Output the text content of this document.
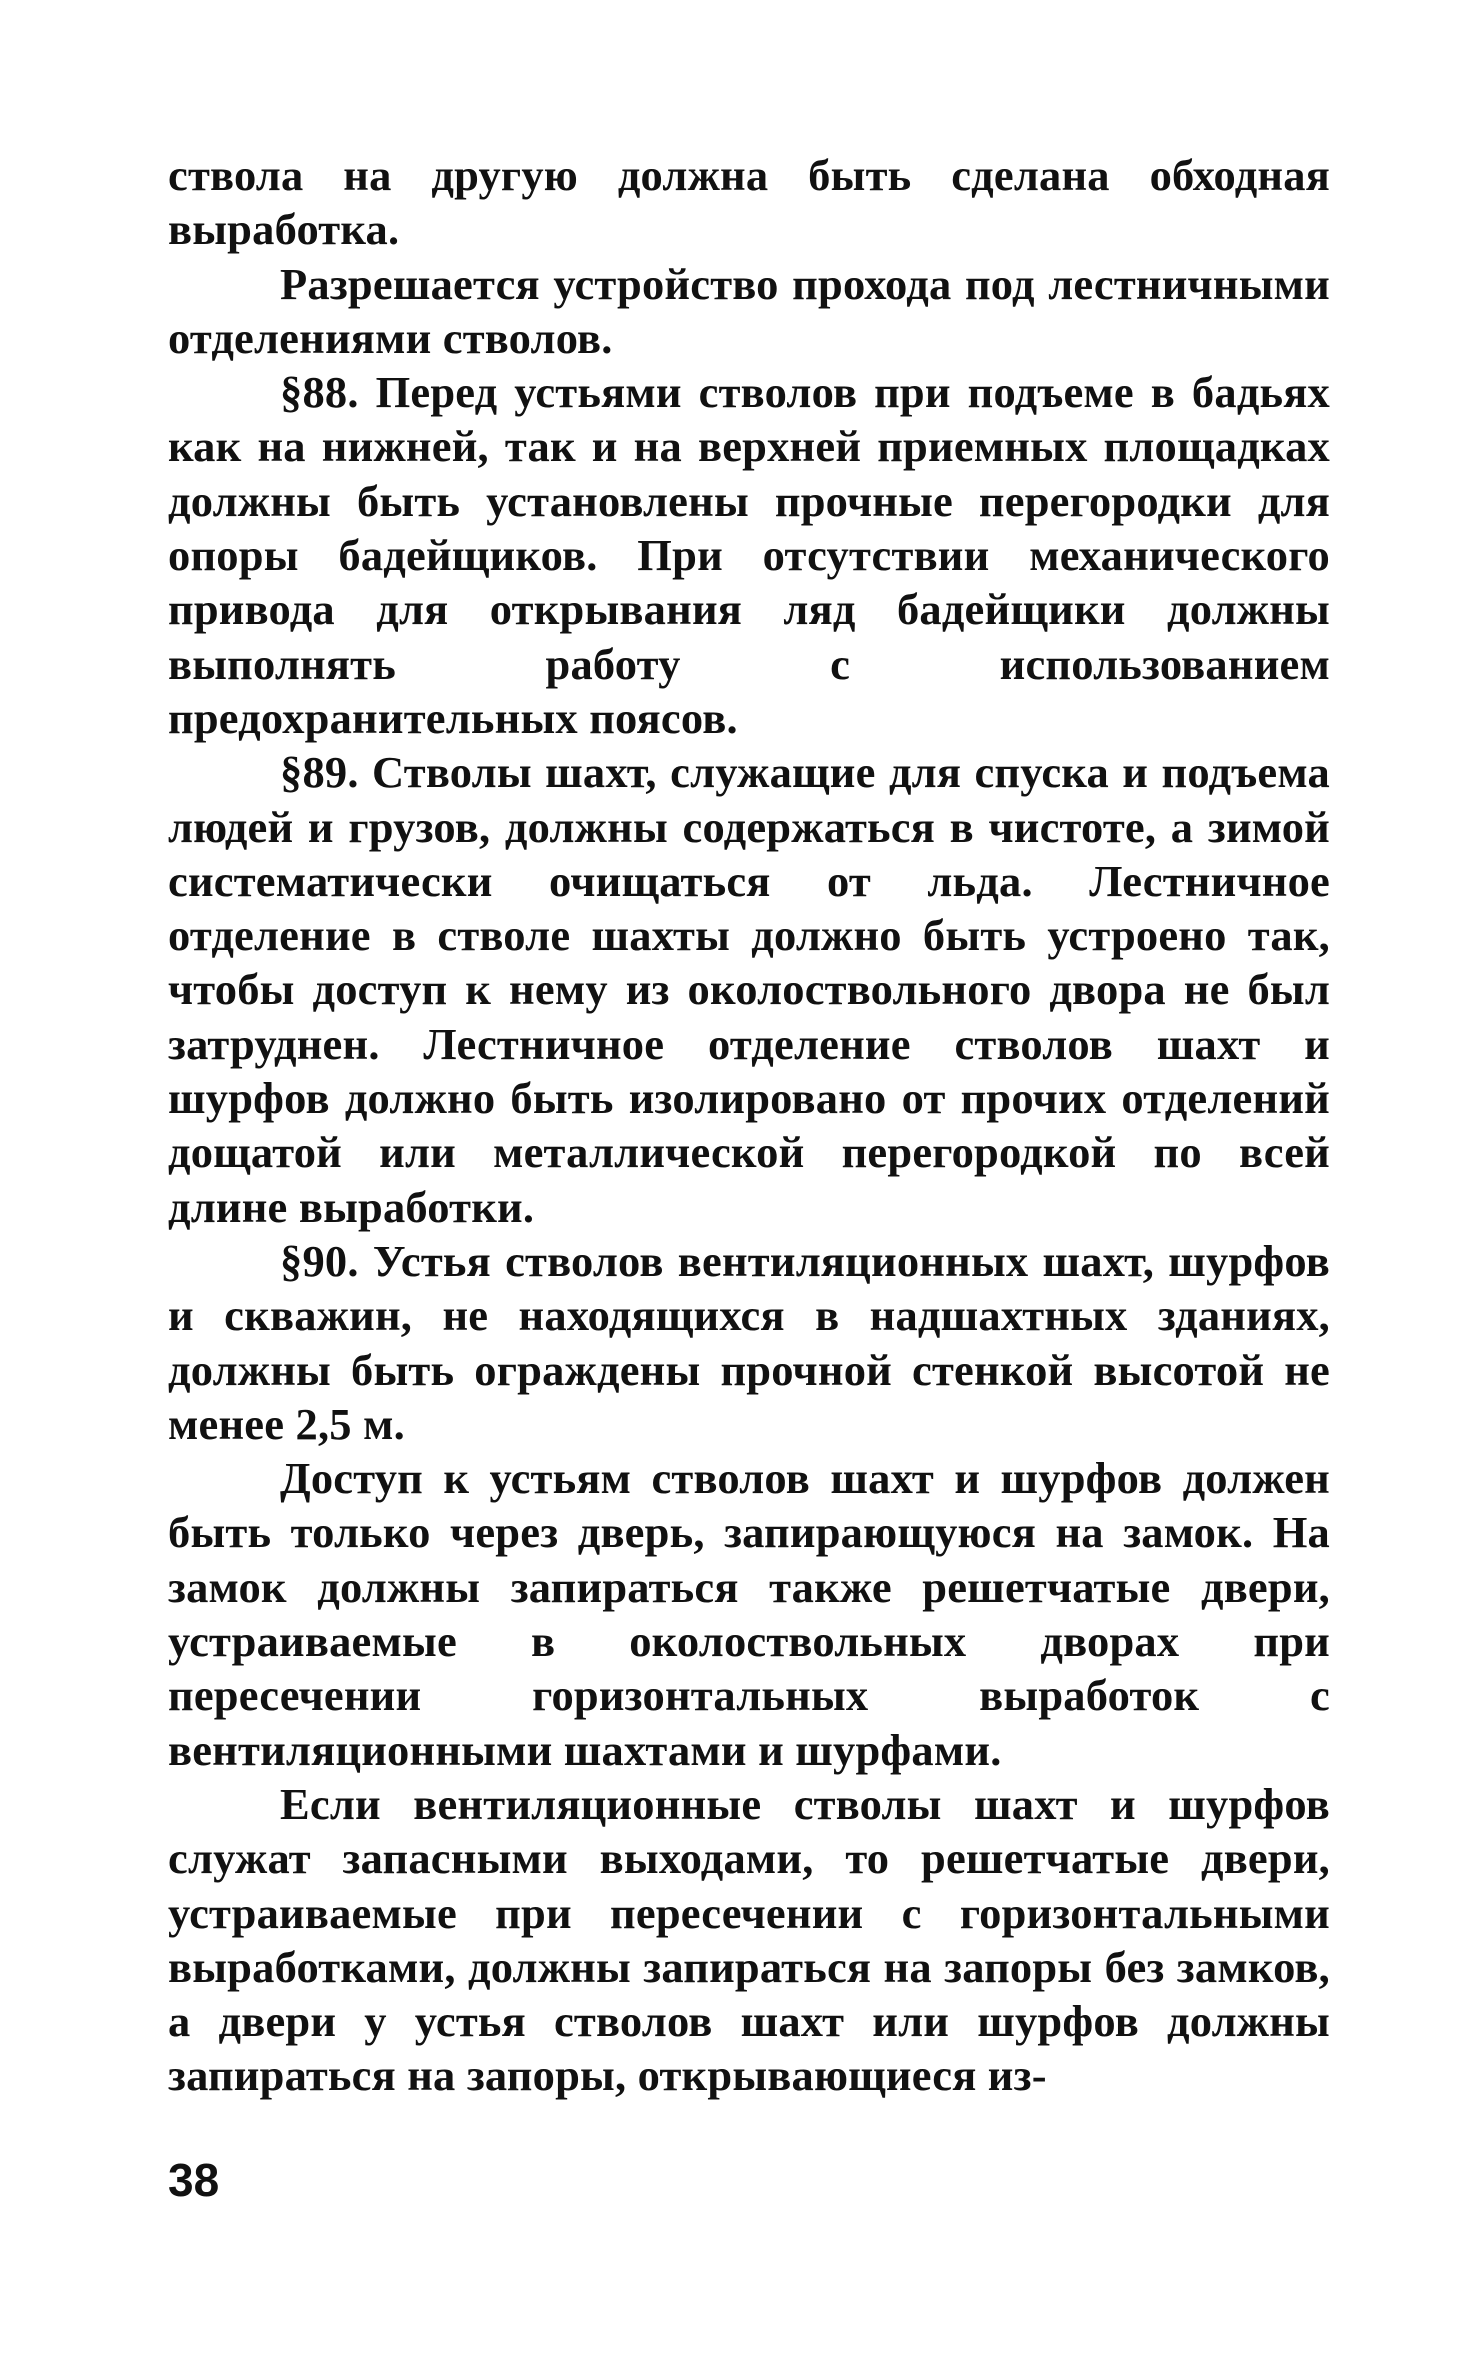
ствола на другую должна быть сделана обходная выработка.

Разрешается устройство прохода под лестничными отделениями стволов.

§88. Перед устьями стволов при подъеме в бадьях как на нижней, так и на верхней приемных площадках должны быть установлены прочные перегородки для опоры бадейщиков. При отсутствии механического привода для открывания ляд бадейщики должны выполнять работу с использованием предохранительных поясов.

§89. Стволы шахт, служащие для спуска и подъема людей и грузов, должны содержаться в чистоте, а зимой систематически очищаться от льда. Лестничное отделение в стволе шахты должно быть устроено так, чтобы доступ к нему из околоствольного двора не был затруднен. Лестничное отделение стволов шахт и шурфов должно быть изолировано от прочих отделений дощатой или металлической перегородкой по всей длине выработки.

§90. Устья стволов вентиляционных шахт, шурфов и скважин, не находящихся в надшахтных зданиях, должны быть ограждены прочной стенкой высотой не менее 2,5 м.

Доступ к устьям стволов шахт и шурфов должен быть только через дверь, запирающуюся на замок. На замок должны запираться также решетчатые двери, устраиваемые в околоствольных дворах при пересечении горизонтальных выработок с вентиляционными шахтами и шурфами.

Если вентиляционные стволы шахт и шурфов служат запасными выходами, то решетчатые двери, устраиваемые при пересечении с горизонтальными выработками, должны запираться на запоры без замков, а двери у устья стволов шахт или шурфов должны запираться на запоры, открывающиеся из-

38
